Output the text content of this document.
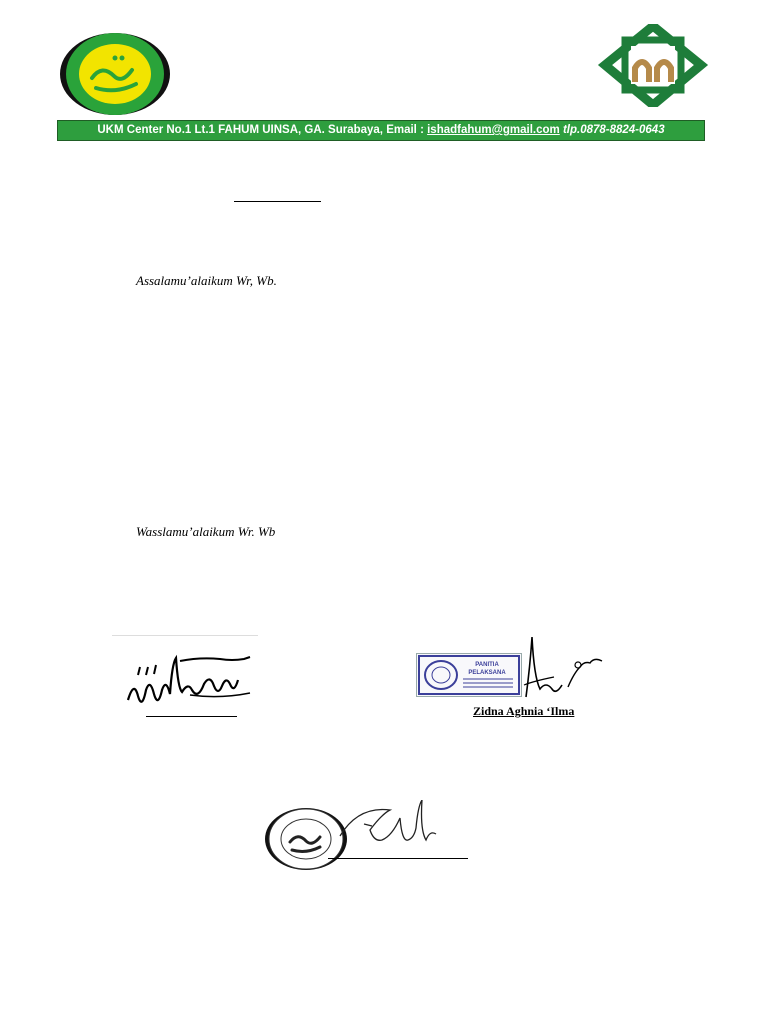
UKM Center No.1 Lt.1 FAHUM UINSA, GA. Surabaya, Email : ishadfahum@gmail.com tlp.0878-8824-0643
Assalamu’alaikum Wr, Wb.
Wasslamu’alaikum Wr. Wb
PANITIA
PELAKSANA
Zidna Aghnia ‘Ilma
